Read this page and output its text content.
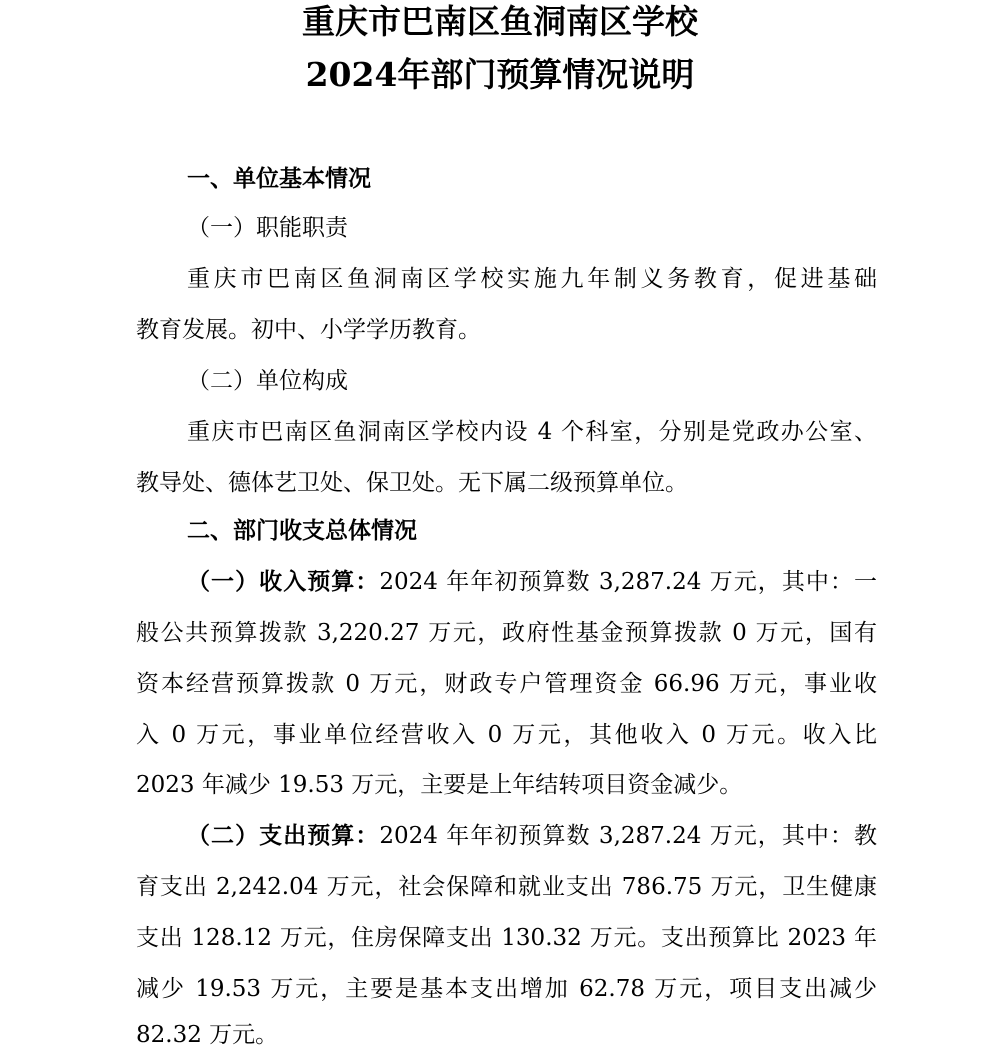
重庆市巴南区鱼洞南区学校
2024年部门预算情况说明

一、单位基本情况

（一）职能职责

重庆市巴南区鱼洞南区学校实施九年制义务教育，促进基础

教育发展。初中、小学学历教育。

（二）单位构成

重庆市巴南区鱼洞南区学校内设 4 个科室，分别是党政办公室、

教导处、德体艺卫处、保卫处。无下属二级预算单位。

二、部门收支总体情况

（一）收入预算：2024 年年初预算数 3,287.24 万元，其中：一

般公共预算拨款 3,220.27 万元，政府性基金预算拨款 0 万元，国有

资本经营预算拨款 0 万元，财政专户管理资金 66.96 万元，事业收

入 0 万元，事业单位经营收入 0 万元，其他收入 0 万元。收入比

2023 年减少 19.53 万元，主要是上年结转项目资金减少。

（二）支出预算：2024 年年初预算数 3,287.24 万元，其中：教

育支出 2,242.04 万元，社会保障和就业支出 786.75 万元，卫生健康

支出 128.12 万元，住房保障支出 130.32 万元。支出预算比 2023 年

减少 19.53 万元，主要是基本支出增加 62.78 万元，项目支出减少

82.32 万元。
